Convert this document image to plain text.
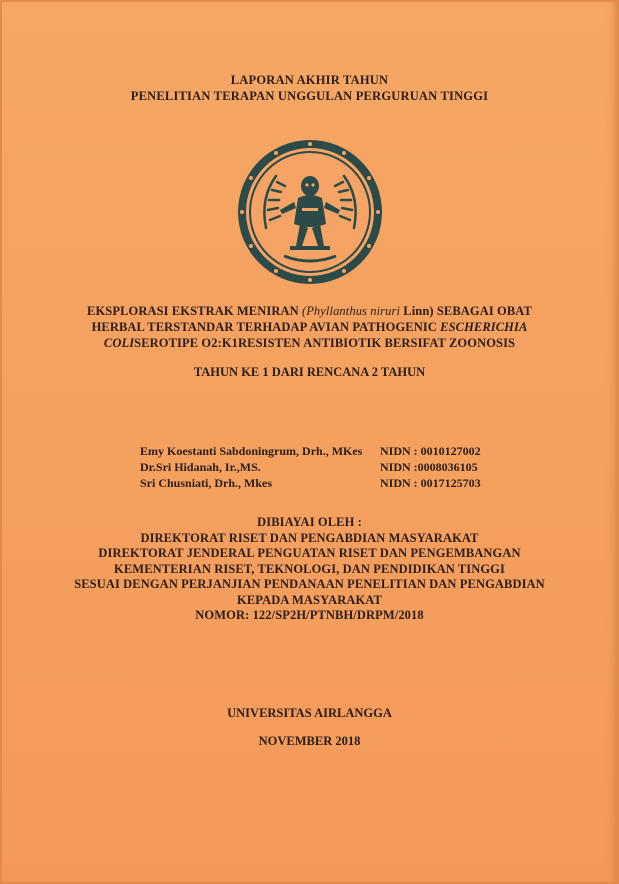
LAPORAN AKHIR TAHUN
PENELITIAN TERAPAN UNGGULAN PERGURUAN TINGGI
EKSPLORASI EKSTRAK MENIRAN (Phyllanthus niruri Linn) SEBAGAI OBAT
HERBAL TERSTANDAR TERHADAP AVIAN PATHOGENIC ESCHERICHIA
COLISEROTIPE O2:K1RESISTEN ANTIBIOTIK BERSIFAT ZOONOSIS
TAHUN KE 1 DARI RENCANA 2 TAHUN
Emy Koestanti Sabdoningrum, Drh., MKes	NIDN : 0010127002
Dr.Sri Hidanah, Ir.,MS.	NIDN :0008036105
Sri Chusniati, Drh., Mkes	NIDN : 0017125703
DIBIAYAI OLEH :
DIREKTORAT RISET DAN PENGABDIAN MASYARAKAT
DIREKTORAT JENDERAL PENGUATAN RISET DAN PENGEMBANGAN
KEMENTERIAN RISET, TEKNOLOGI, DAN PENDIDIKAN TINGGI
SESUAI DENGAN PERJANJIAN PENDANAAN PENELITIAN DAN PENGABDIAN
KEPADA MASYARAKAT
NOMOR: 122/SP2H/PTNBH/DRPM/2018
UNIVERSITAS AIRLANGGA
NOVEMBER 2018
